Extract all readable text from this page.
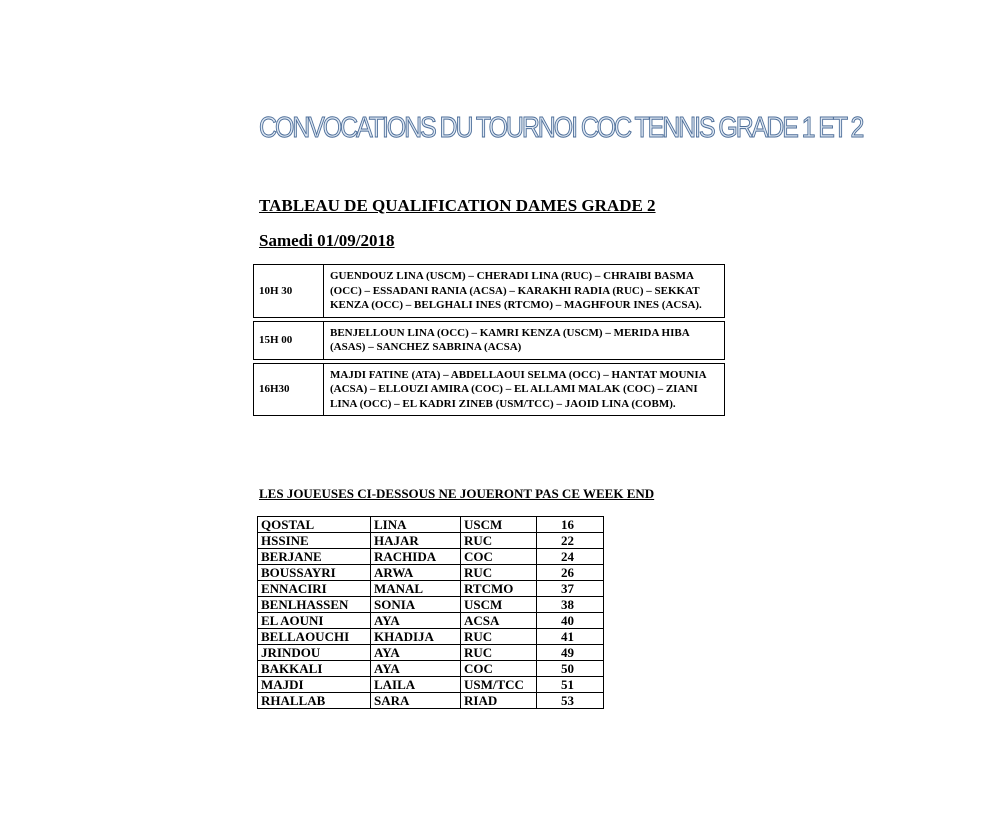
CONVOCATIONS DU TOURNOI COC TENNIS GRADE 1 ET 2
TABLEAU DE QUALIFICATION DAMES GRADE 2
Samedi 01/09/2018
10H 30
GUENDOUZ LINA (USCM) – CHERADI LINA (RUC) – CHRAIBI BASMA (OCC) – ESSADANI RANIA (ACSA) – KARAKHI RADIA (RUC) – SEKKAT KENZA (OCC) – BELGHALI INES (RTCMO) – MAGHFOUR INES (ACSA).
15H 00
BENJELLOUN LINA (OCC) – KAMRI KENZA (USCM) – MERIDA HIBA (ASAS) – SANCHEZ SABRINA (ACSA)
16H30
MAJDI FATINE (ATA) – ABDELLAOUI SELMA (OCC) – HANTAT MOUNIA (ACSA) – ELLOUZI AMIRA (COC) – EL ALLAMI MALAK (COC) – ZIANI LINA (OCC) – EL KADRI ZINEB (USM/TCC) – JAOID LINA (COBM).
LES JOUEUSES CI-DESSOUS NE JOUERONT PAS CE WEEK END
QOSTAL	LINA	USCM	16
HSSINE	HAJAR	RUC	22
BERJANE	RACHIDA	COC	24
BOUSSAYRI	ARWA	RUC	26
ENNACIRI	MANAL	RTCMO	37
BENLHASSEN	SONIA	USCM	38
EL AOUNI	AYA	ACSA	40
BELLAOUCHI	KHADIJA	RUC	41
JRINDOU	AYA	RUC	49
BAKKALI	AYA	COC	50
MAJDI	LAILA	USM/TCC	51
RHALLAB	SARA	RIAD	53
